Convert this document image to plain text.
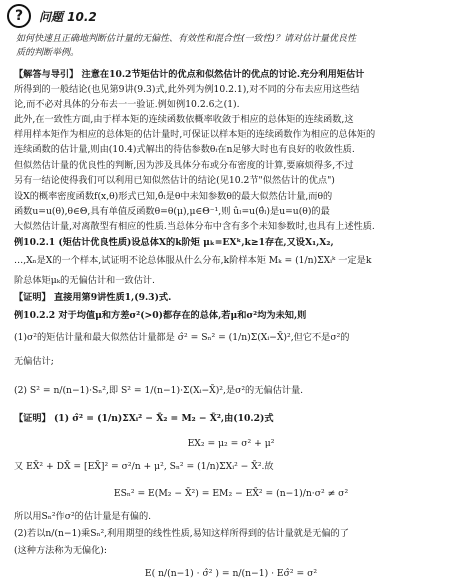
?	问题 10.2
如何快速且正确地判断估计量的无偏性、有效性和混合性(一致性)？请对估计量优良性
质的判断举例。
【解答与导引】 注意在10.2节矩估计的优点和似然估计的优点的讨论.充分利用矩估计
所得到的一般结论(也见第9讲(9.3)式,此外列为例10.2.1),对不同的分布去应用这些结
论,而不必对具体的分布去一一验证.例如例10.2.6之(1).
此外,在一致性方面,由于样本矩的连续函数依概率收敛于相应的总体矩的连续函数,这
样用样本矩作为相应的总体矩的估计量时,可保证以样本矩的连续函数作为相应的总体矩的
连续函数的估计量,则由(10.4)式解出的待估参数θᵢ在n足够大时也有良好的收敛性质.
但似然估计量的优良性的判断,因为涉及具体分布或分布密度的计算,要麻烦得多,不过
另有一结论使得我们可以利用已知似然估计的结论(见10.2节"似然估计的优点")
设X的概率密度函数f(x,θ)形式已知,θ̂ₗ是θ中未知参数θ的最大似然估计量,而θ的
函数u=u(θ),θ∈Θ,具有单值反函数θ=θ(μ),μ∈Θ⁻¹,则 ûₗ=u(θ̂ₗ)是u=u(θ)的最
大似然估计量,对离散型有相应的性质.当总体分布中含有多个未知参数时,也具有上述性质.
例10.2.1 (矩估计优良性质)设总体X的k阶矩 μₖ=EXᵏ,k≥1存在,又设X₁,X₂,
…,Xₙ是X的一个样本,试证明不论总体服从什么分布,k阶样本矩 Mₖ = (1/n)ΣXᵢᵏ 一定是k
阶总体矩μₖ的无偏估计和一致估计.
【证明】 直接用第9讲性质1,(9.3)式.
例10.2.2 对于均值μ和方差σ²(>0)都存在的总体,若μ和σ²均为未知,则
(1)σ²的矩估计量和最大似然估计量都是 σ̂² = Sₙ² = (1/n)Σ(Xᵢ−X̄)²,但它不是σ²的
无偏估计;
(2) S² = n/(n−1)·Sₙ²,即 S² = 1/(n−1)·Σ(Xᵢ−X̄)²,是σ²的无偏估计量.
【证明】 (1) σ̂² = (1/n)ΣXᵢ² − X̄₂ = M₂ − X̄²,由(10.2)式
EX₂ = μ₂ = σ² + μ²
又 EX̄² + DX̄ = [EX̄]² = σ²/n + μ², Sₙ² = (1/n)ΣXᵢ² − X̄².故
ESₙ² = E(M₂ − X̄²) = EM₂ − EX̄² = (n−1)/n·σ² ≠ σ²
所以用Sₙ²作σ²的估计量是有偏的.
(2)若以n/(n−1)乘Sₙ²,利用期望的线性性质,易知这样所得到的估计量就是无偏的了
(这种方法称为无偏化):
E( n/(n−1) · σ̂² ) = n/(n−1) · Eσ̂² = σ²
